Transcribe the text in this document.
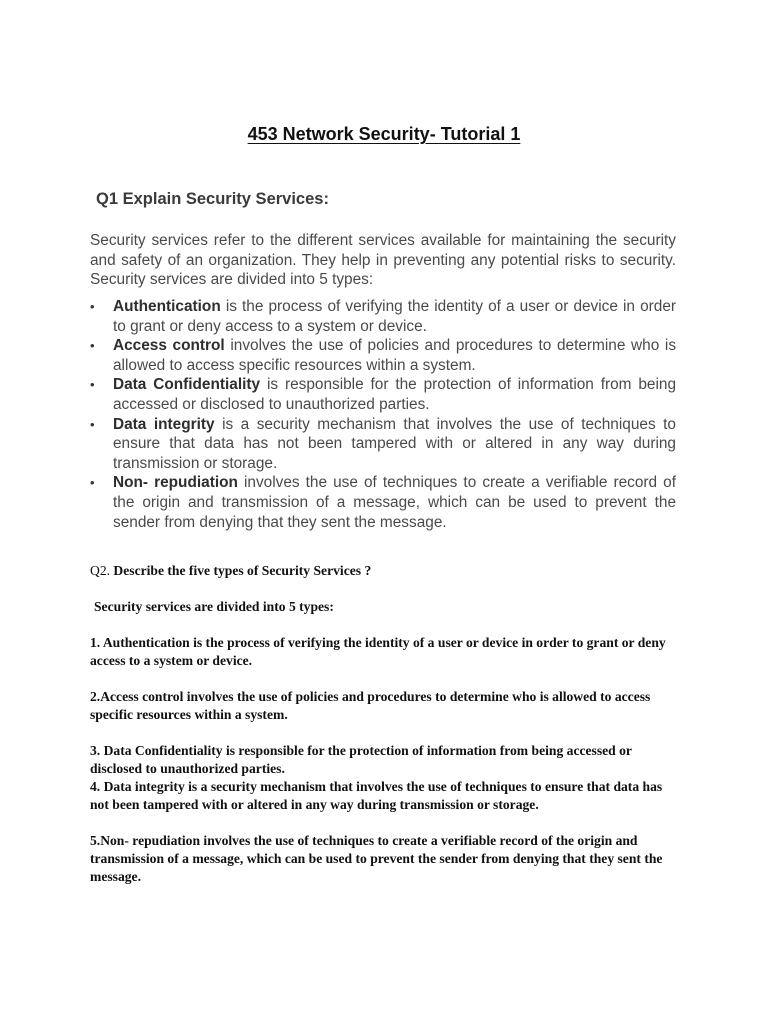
453 Network Security- Tutorial 1
Q1 Explain Security Services:

Security services refer to the different services available for maintaining the security and safety of an organization. They help in preventing any potential risks to security. Security services are divided into 5 types:

• Authentication is the process of verifying the identity of a user or device in order to grant or deny access to a system or device.
• Access control involves the use of policies and procedures to determine who is allowed to access specific resources within a system.
• Data Confidentiality is responsible for the protection of information from being accessed or disclosed to unauthorized parties.
• Data integrity is a security mechanism that involves the use of techniques to ensure that data has not been tampered with or altered in any way during transmission or storage.
• Non- repudiation involves the use of techniques to create a verifiable record of the origin and transmission of a message, which can be used to prevent the sender from denying that they sent the message.

Q2. Describe the five types of Security Services ?

Security services are divided into 5 types:

1. Authentication is the process of verifying the identity of a user or device in order to grant or deny access to a system or device.

2.Access control involves the use of policies and procedures to determine who is allowed to access specific resources within a system.

3. Data Confidentiality is responsible for the protection of information from being accessed or disclosed to unauthorized parties.

4. Data integrity is a security mechanism that involves the use of techniques to ensure that data has not been tampered with or altered in any way during transmission or storage.

5.Non- repudiation involves the use of techniques to create a verifiable record of the origin and transmission of a message, which can be used to prevent the sender from denying that they sent the message.
